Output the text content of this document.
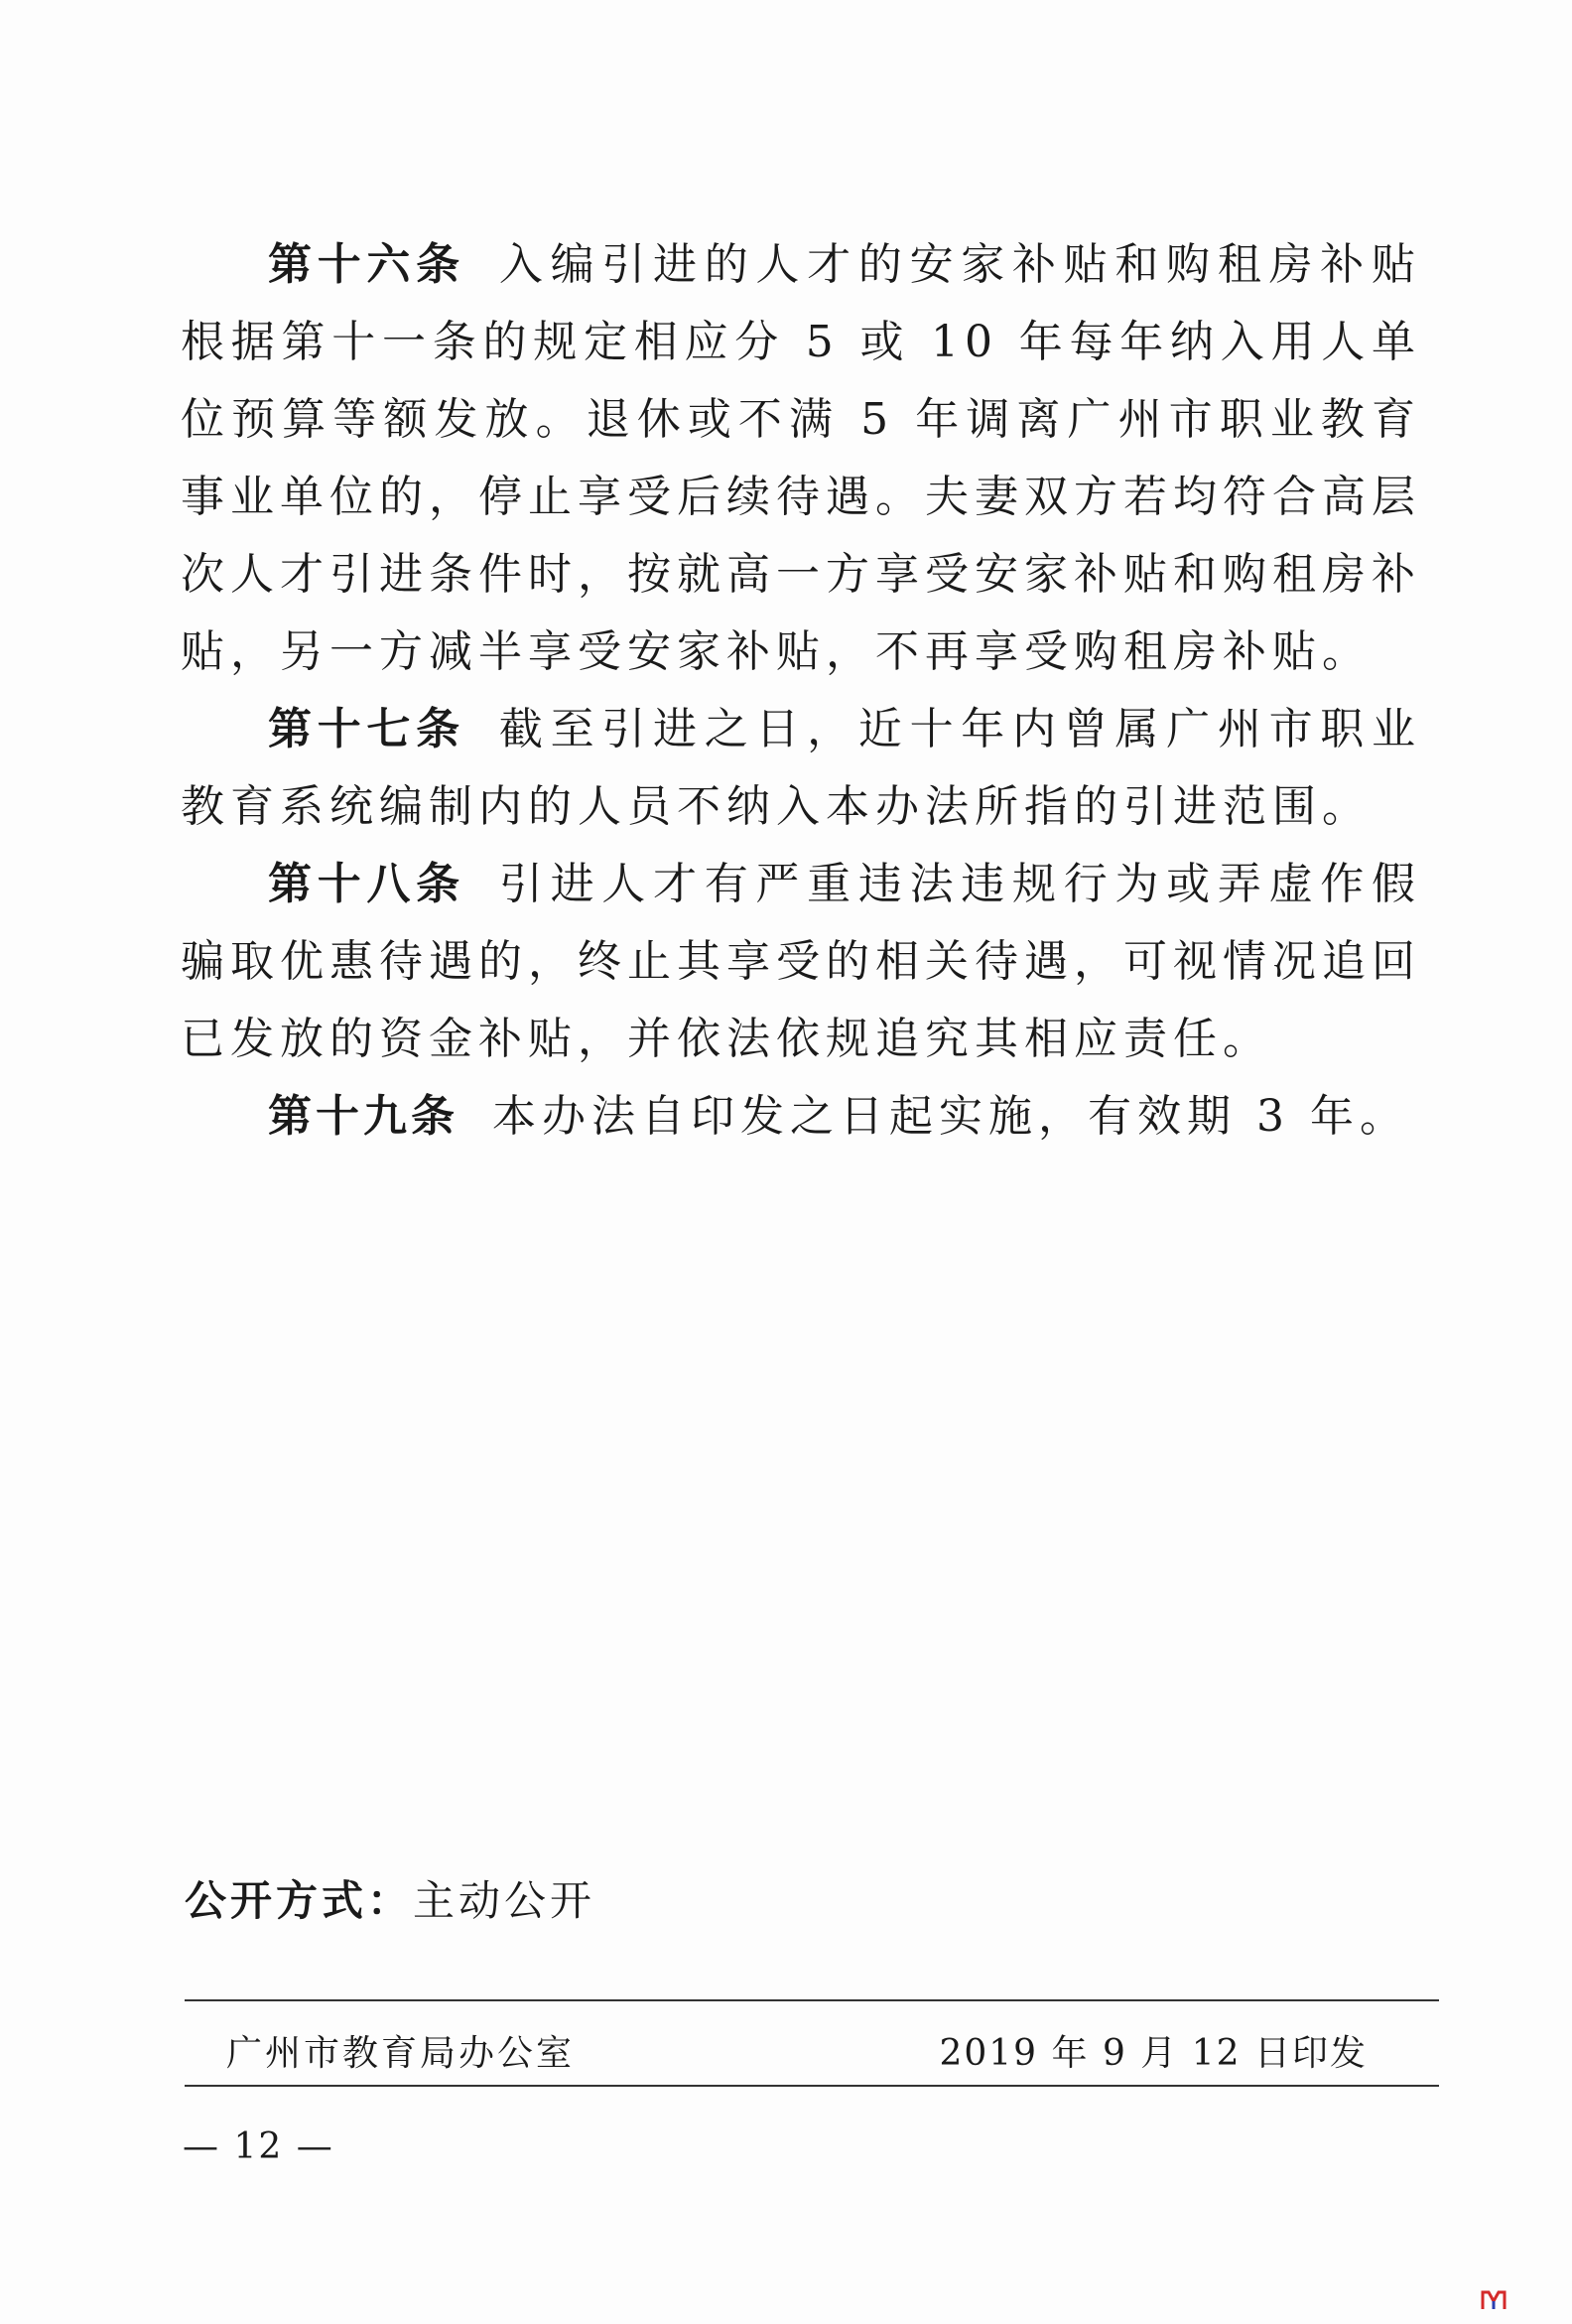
第十六条 入编引进的人才的安家补贴和购租房补贴根据第十一条的规定相应分 5 或 10 年每年纳入用人单位预算等额发放。退休或不满 5 年调离广州市职业教育事业单位的，停止享受后续待遇。夫妻双方若均符合高层次人才引进条件时，按就高一方享受安家补贴和购租房补贴，另一方减半享受安家补贴，不再享受购租房补贴。

第十七条 截至引进之日，近十年内曾属广州市职业教育系统编制内的人员不纳入本办法所指的引进范围。

第十八条 引进人才有严重违法违规行为或弄虚作假骗取优惠待遇的，终止其享受的相关待遇，可视情况追回已发放的资金补贴，并依法依规追究其相应责任。

第十九条 本办法自印发之日起实施，有效期 3 年。

公开方式：主动公开
广州市教育局办公室	2019 年 9 月 12 日印发
— 12 —
